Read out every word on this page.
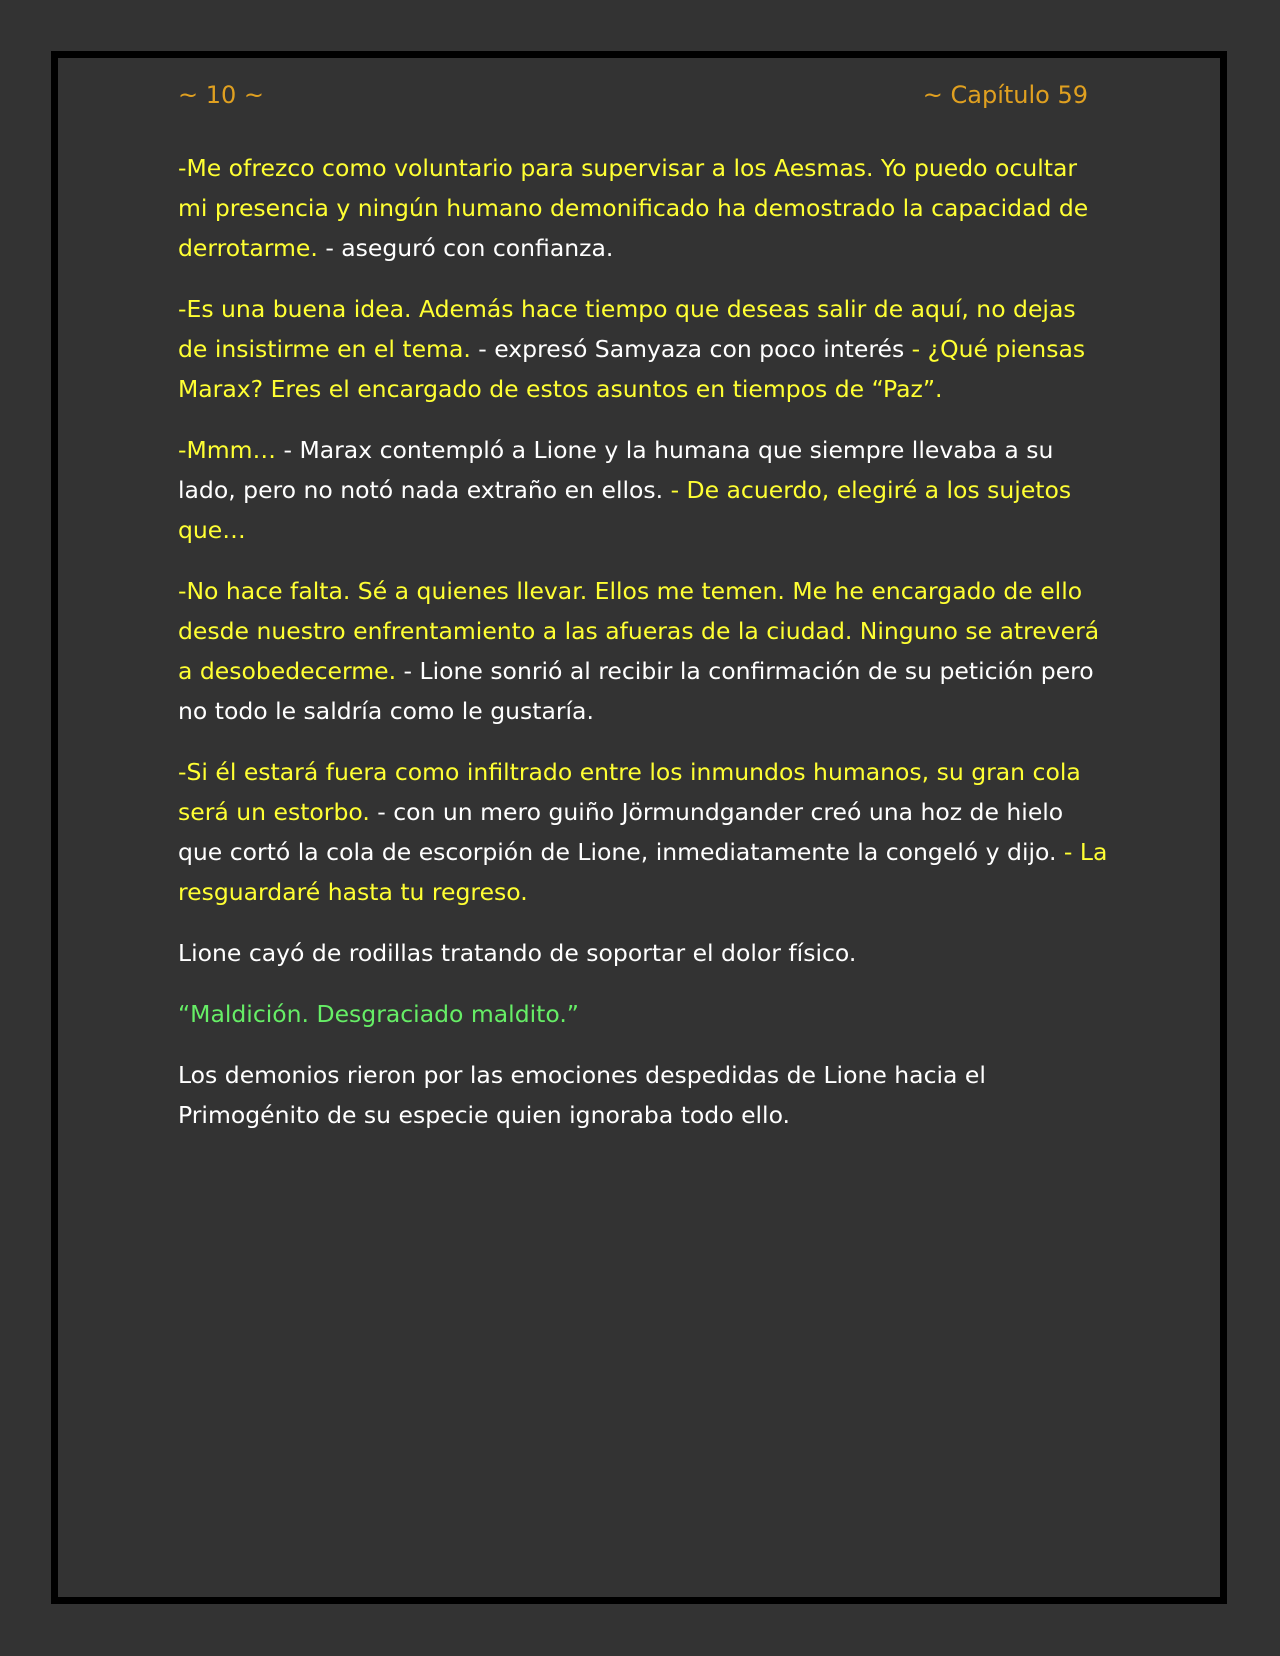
~ 10 ~	~ Capítulo 59

-Me ofrezco como voluntario para supervisar a los Aesmas. Yo puedo ocultar mi presencia y ningún humano demonificado ha demostrado la capacidad de derrotarme. - aseguró con confianza.

-Es una buena idea. Además hace tiempo que deseas salir de aquí, no dejas de insistirme en el tema. - expresó Samyaza con poco interés - ¿Qué piensas Marax? Eres el encargado de estos asuntos en tiempos de “Paz”.

-Mmm… - Marax contempló a Lione y la humana que siempre llevaba a su lado, pero no notó nada extraño en ellos. - De acuerdo, elegiré a los sujetos que…

-No hace falta. Sé a quienes llevar. Ellos me temen. Me he encargado de ello desde nuestro enfrentamiento a las afueras de la ciudad. Ninguno se atreverá a desobedecerme. - Lione sonrió al recibir la confirmación de su petición pero no todo le saldría como le gustaría.

-Si él estará fuera como infiltrado entre los inmundos humanos, su gran cola será un estorbo. - con un mero guiño Jörmundgander creó una hoz de hielo que cortó la cola de escorpión de Lione, inmediatamente la congeló y dijo. - La resguardaré hasta tu regreso.

Lione cayó de rodillas tratando de soportar el dolor físico.

“Maldición. Desgraciado maldito.”

Los demonios rieron por las emociones despedidas de Lione hacia el Primogénito de su especie quien ignoraba todo ello.
